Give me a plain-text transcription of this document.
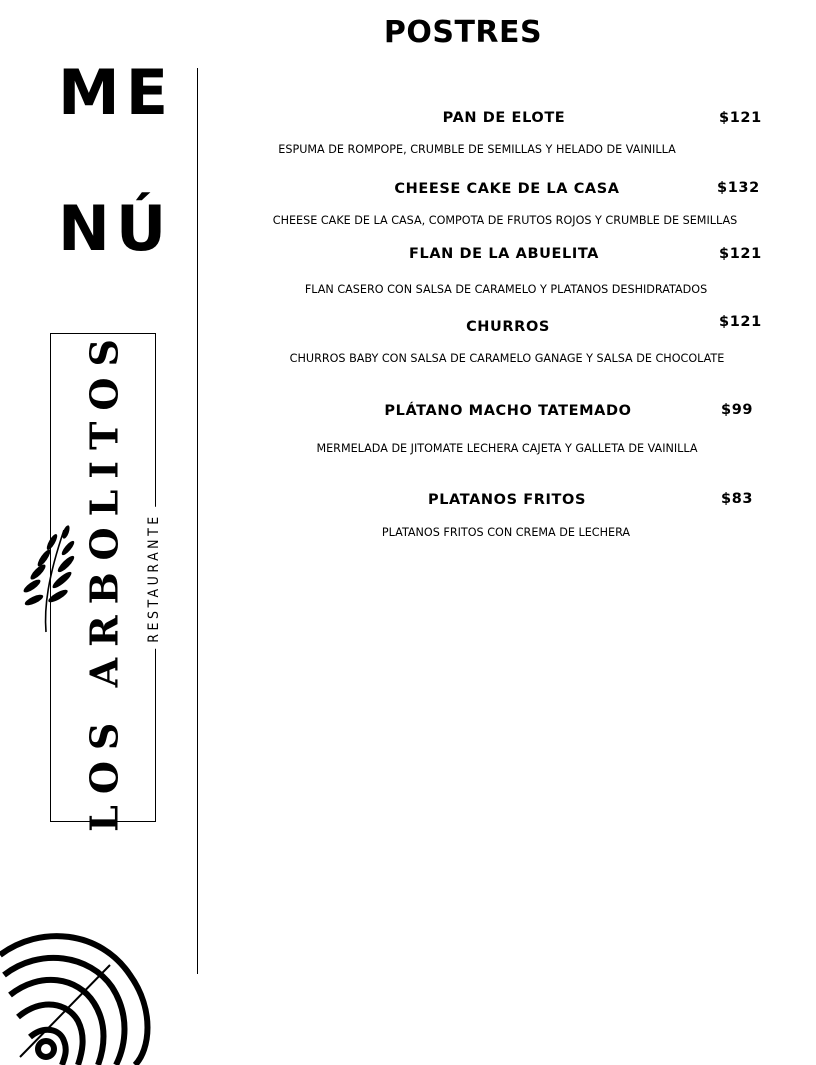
ME
NÚ
LOS ARBOLITOS RESTAURANTE
POSTRES
PAN DE ELOTE	$121
ESPUMA DE ROMPOPE, CRUMBLE DE SEMILLAS Y HELADO DE VAINILLA
CHEESE CAKE DE LA CASA	$132
CHEESE CAKE DE LA CASA, COMPOTA DE FRUTOS ROJOS Y CRUMBLE DE SEMILLAS
FLAN DE LA ABUELITA	$121
FLAN CASERO CON SALSA DE CARAMELO Y PLATANOS DESHIDRATADOS
CHURROS	$121
CHURROS BABY CON SALSA DE CARAMELO GANAGE Y SALSA DE CHOCOLATE
PLÁTANO MACHO TATEMADO	$99
MERMELADA DE JITOMATE LECHERA CAJETA Y GALLETA DE VAINILLA
PLATANOS FRITOS	$83
PLATANOS FRITOS CON CREMA DE LECHERA
